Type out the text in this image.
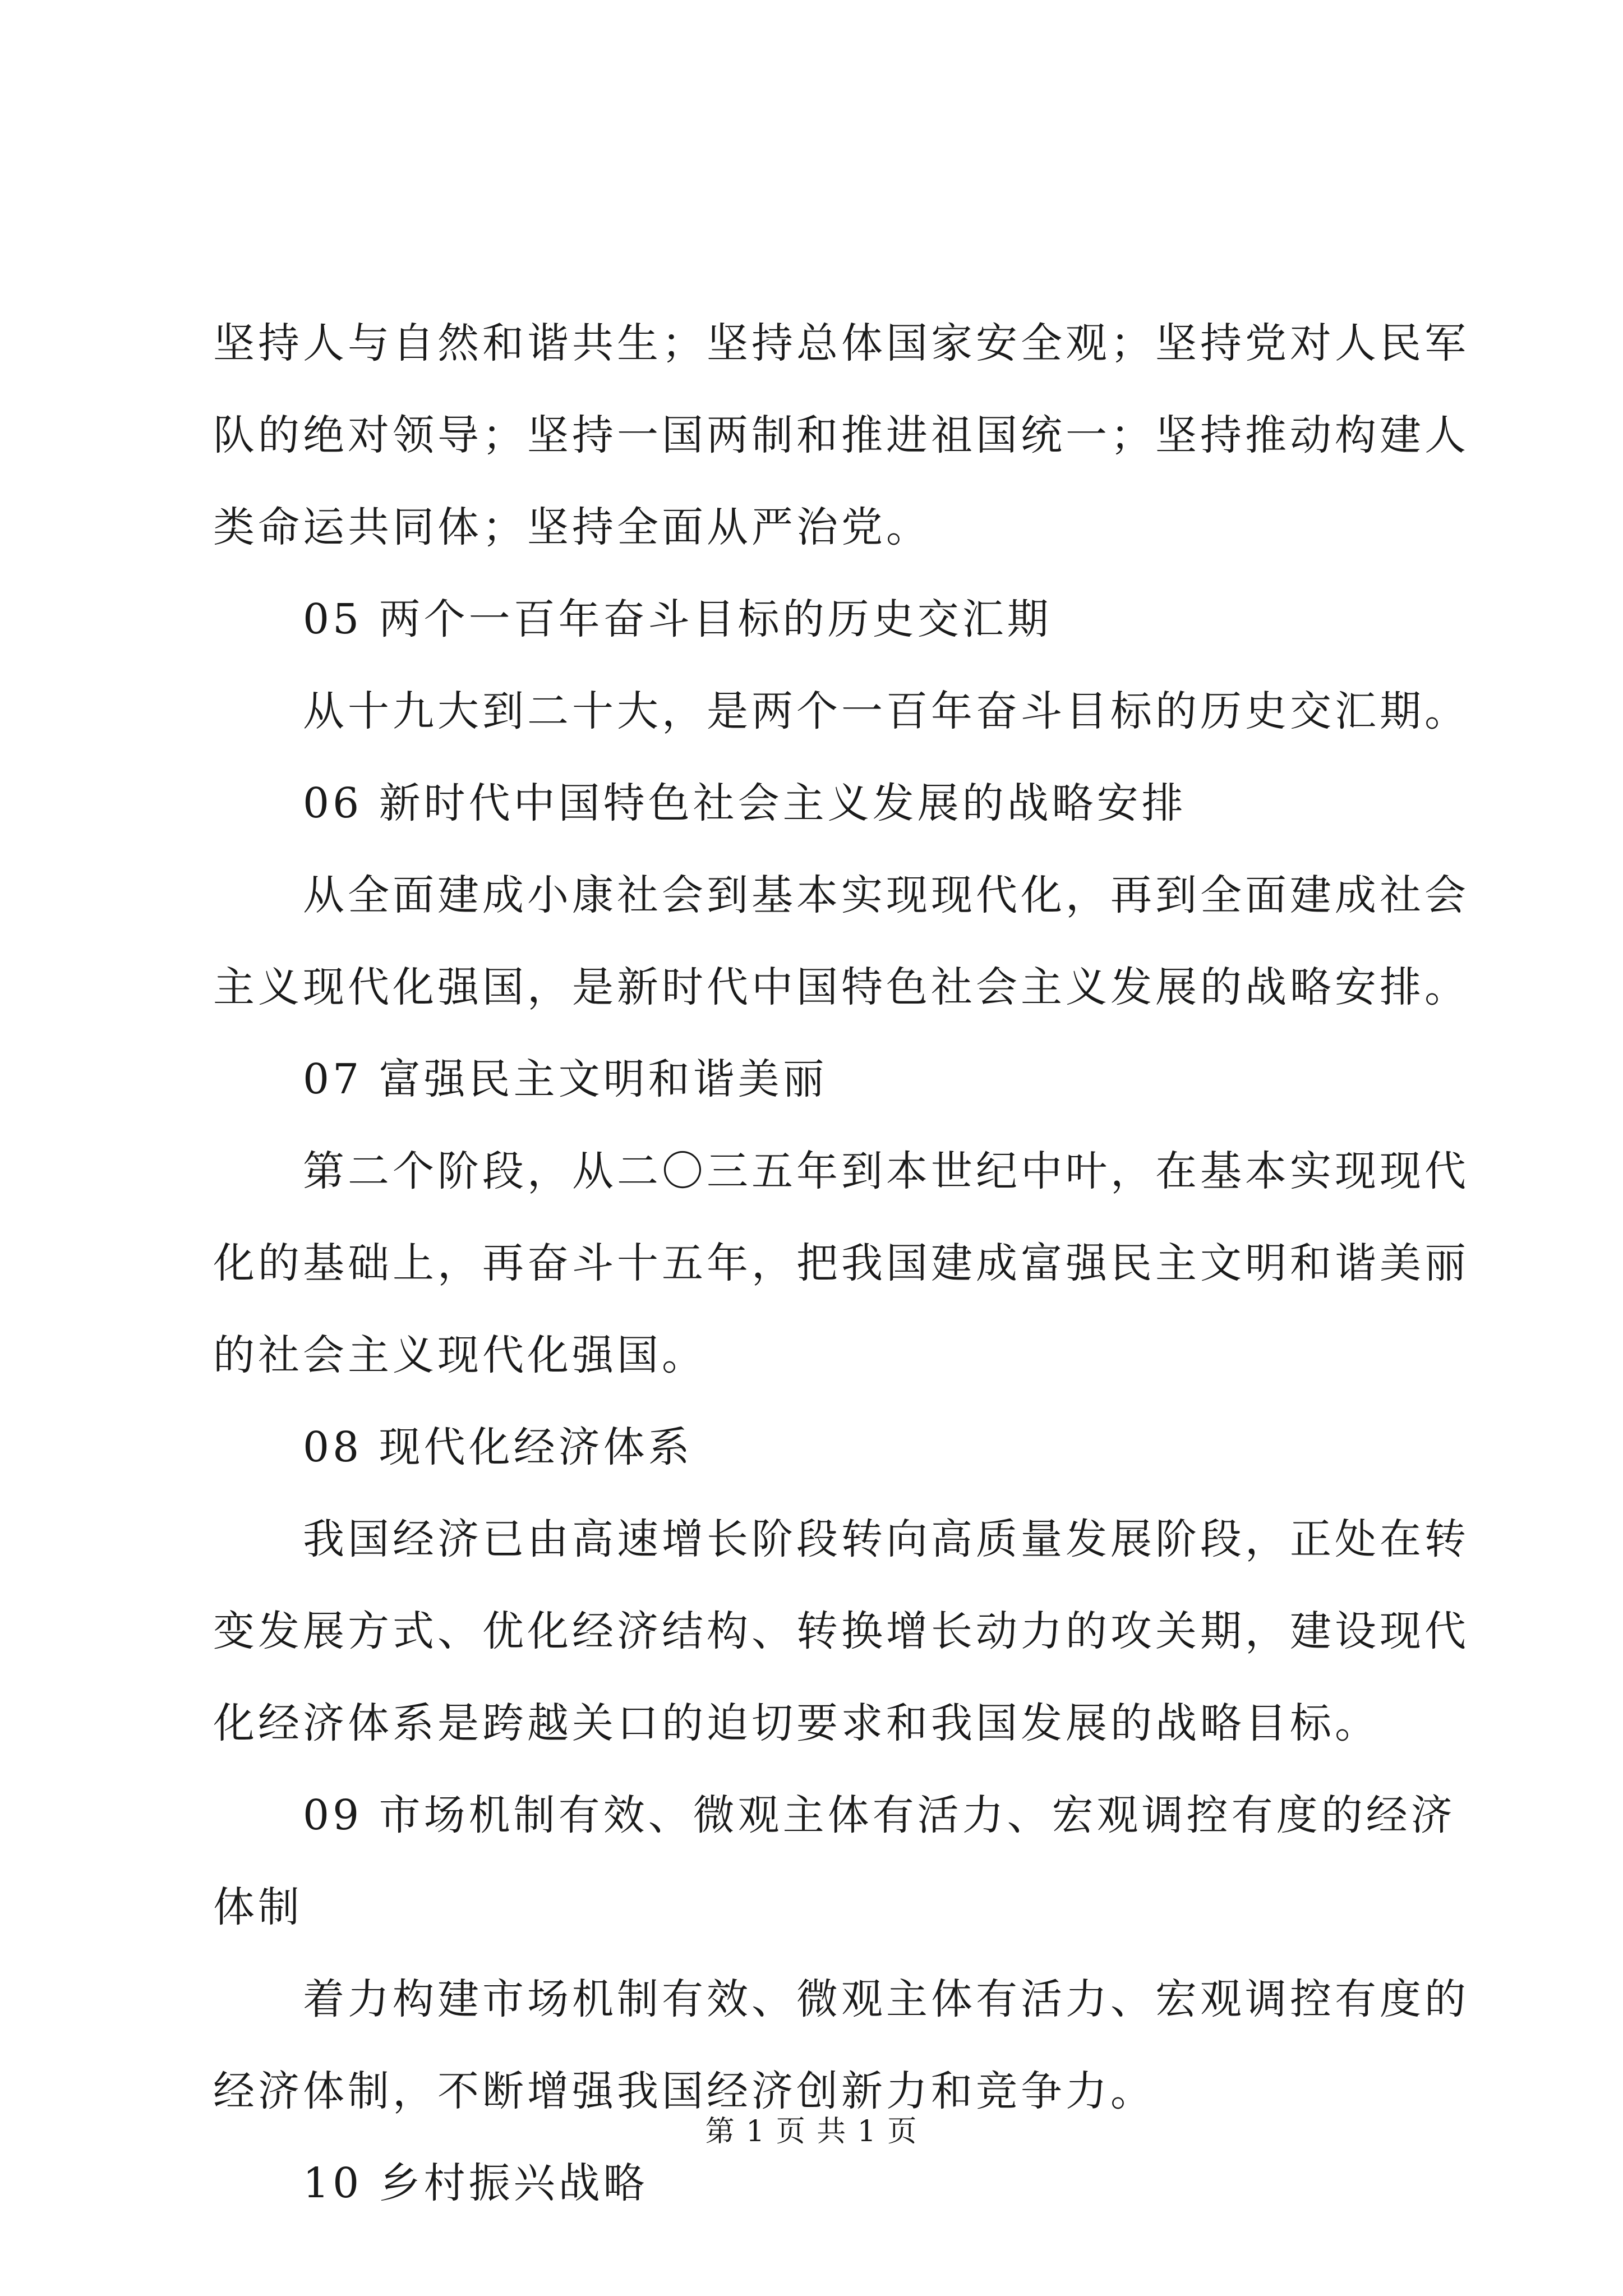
坚持人与自然和谐共生；坚持总体国家安全观；坚持党对人民军
队的绝对领导；坚持一国两制和推进祖国统一；坚持推动构建人
类命运共同体；坚持全面从严治党。
05 两个一百年奋斗目标的历史交汇期
从十九大到二十大，是两个一百年奋斗目标的历史交汇期。
06 新时代中国特色社会主义发展的战略安排
从全面建成小康社会到基本实现现代化，再到全面建成社会
主义现代化强国，是新时代中国特色社会主义发展的战略安排。
07 富强民主文明和谐美丽
第二个阶段，从二〇三五年到本世纪中叶，在基本实现现代
化的基础上，再奋斗十五年，把我国建成富强民主文明和谐美丽
的社会主义现代化强国。
08 现代化经济体系
我国经济已由高速增长阶段转向高质量发展阶段，正处在转
变发展方式、优化经济结构、转换增长动力的攻关期，建设现代
化经济体系是跨越关口的迫切要求和我国发展的战略目标。
09 市场机制有效、微观主体有活力、宏观调控有度的经济
体制
着力构建市场机制有效、微观主体有活力、宏观调控有度的
经济体制，不断增强我国经济创新力和竞争力。
10 乡村振兴战略
第 1 页 共 1 页
